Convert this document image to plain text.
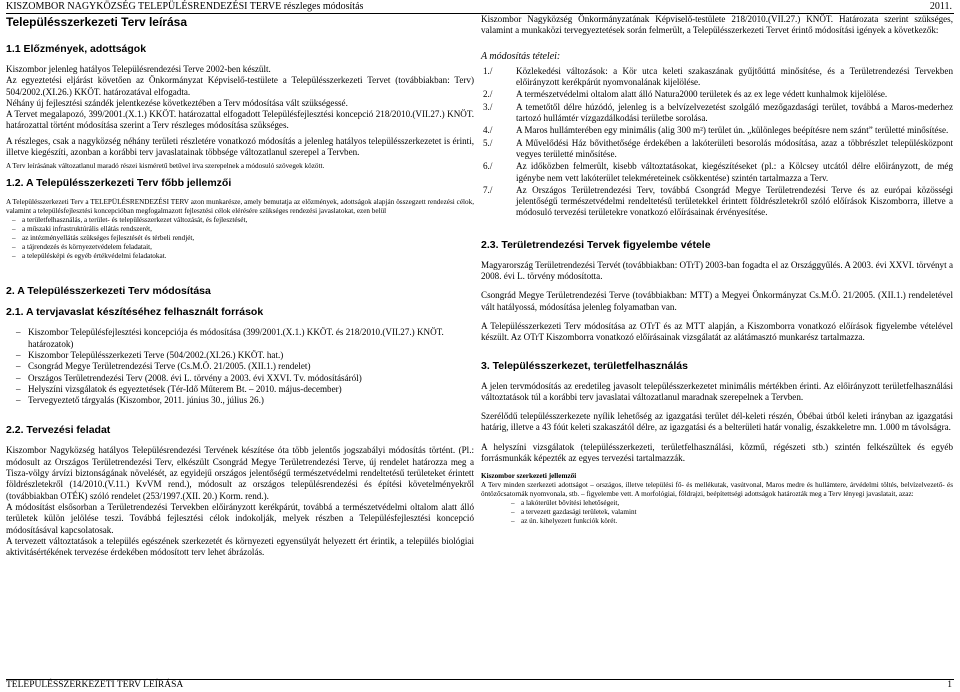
KISZOMBOR NAGYKÖZSÉG TELEPÜLÉSRENDEZÉSI TERVE részleges módosítás	2011.
Településszerkezeti Terv leírása
1.1 Előzmények, adottságok

Kiszombor jelenleg hatályos Településrendezési Terve 2002-ben készült.

Az egyeztetési eljárást követően az Önkormányzat Képviselő-testülete a Településszerkezeti Tervet (továbbiakban: Terv) 504/2002.(XI.26.) KKÖT. határozatával elfogadta.

Néhány új fejlesztési szándék jelentkezése következtében a Terv módosítása vált szükségessé.

A Tervet megalapozó, 399/2001.(X.1.) KKÖT. határozattal elfogadott Településfejlesztési koncepció 218/2010.(VII.27.) KNÖT. határozattal történt módosítása szerint a Terv részleges módosítása szükséges.

A részleges, csak a nagyközség néhány területi részletére vonatkozó módosítás a jelenleg hatályos településszerkezetet is érinti, illetve kiegészíti, azonban a korábbi terv javaslatainak többsége változatlanul szerepel a Tervben.

A Terv leírásának változatlanul maradó részei kisméretű betűvel írva szerepelnek a módosuló szövegek között.

1.2. A Településszerkezeti Terv főbb jellemzői

A Településszerkezeti Terv a TELEPÜLÉSRENDEZÉSI TERV azon munkarésze, amely bemutatja az előzmények, adottságok alapján összegzett rendezési célok, valamint a településfejlesztési koncepcióban megfogalmazott fejlesztési célok elérésére szükséges rendezési javaslatokat, ezen belül

– a területfelhasználás, a terület- és településszerkezet változását, és fejlesztését,
– a műszaki infrastruktúrális ellátás rendszerét,
– az intézményellátás szükséges fejlesztését és térbeli rendjét,
– a tájrendezés és környezetvédelem feladatait,
– a településképi és egyéb értékvédelmi feladatokat.
2. A Településszerkezeti Terv módosítása
2.1. A tervjavaslat készítéséhez felhasznált források
– Kiszombor Településfejlesztési koncepciója és módosítása (399/2001.(X.1.) KKÖT. és 218/2010.(VII.27.) KNÖT. határozatok)
– Kiszombor Településszerkezeti Terve (504/2002.(XI.26.) KKÖT. hat.)
– Csongrád Megye Területrendezési Terve (Cs.M.Ö. 21/2005. (XII.1.) rendelet)
– Országos Területrendezési Terv (2008. évi L. törvény a 2003. évi XXVI. Tv. módosításáról)
– Helyszíni vizsgálatok és egyeztetések (Tér-Idő Műterem Bt. – 2010. május-december)
– Tervegyeztető tárgyalás (Kiszombor, 2011. június 30., július 26.)
2.2. Tervezési feladat

Kiszombor Nagyközség hatályos Településrendezési Tervének készítése óta több jelentős jogszabályi módosítás történt. (Pl.: módosult az Országos Területrendezési Terv, elkészült Csongrád Megye Területrendezési Terve, új rendelet határozza meg a Tisza-völgy árvízi biztonságának növelését, az egyidejű országos jelentőségű természetvédelmi rendeltetésű területeket érintett földrészletekről (14/2010.(V.11.) KvVM rend.), módosult az országos településrendezési és építési követelményekről (továbbiakban OTÉK) szóló rendelet (253/1997.(XII. 20.) Korm. rend.).

A módosítást elsősorban a Területrendezési Tervekben előirányzott kerékpárút, továbbá a természetvédelmi oltalom alatt álló területek külön jelölése teszi. Továbbá fejlesztési célok indokolják, melyek részben a Településfejlesztési koncepció módosításával kapcsolatosak.

A tervezett változtatások a település egészének szerkezetét és környezeti egyensúlyát helyezett ért érintik, a település biológiai aktivitásértékének tervezése érdekében módosított terv lehet ábrázolás.

Kiszombor Nagyközség Önkormányzatának Képviselő-testülete 218/2010.(VII.27.) KNÖT. Határozata szerint szükséges, valamint a munkaközi tervegyeztetések során felmerült, a Településszerkezeti Tervet érintő módosítási igények a következők:

A módosítás tételei:
1./	Közlekedési változások: a Kör utca keleti szakaszának gyűjtőúttá minősítése, és a Területrendezési Tervekben előirányzott kerékpárút nyomvonalának kijelölése.
2./	A természetvédelmi oltalom alatt álló Natura2000 területek és az ex lege védett kunhalmok kijelölése.
3./	A temetőtől délre húzódó, jelenleg is a belvízelvezetést szolgáló mezőgazdasági terület, továbbá a Maros-mederhez tartozó hullámtér vízgazdálkodási területbe sorolása.
4./	A Maros hullámterében egy minimális (alig 300 m²) terület ún. „különleges beépítésre nem szánt” területté minősítése.
5./	A Művelődési Ház bővithetősége érdekében a lakóterületi besorolás módosítása, azaz a többrészlet településközpont vegyes területté minősítése.
6./	Az időközben felmerült, kisebb változtatásokat, kiegészítéseket (pl.: a Kölcsey utcától délre előirányzott, de még igénybe nem vett lakóterület telekméreteinek csökkentése) szintén tartalmazza a Terv.
7./	Az Országos Területrendezési Terv, továbbá Csongrád Megye Területrendezési Terve és az európai közösségi jelentőségű természetvédelmi rendeltetésű területekkel érintett földrészletekről szóló előírások Kiszomborra, illetve a módosuló tervezési területekre vonatkozó előírásainak érvényesítése.
2.3. Területrendezési Tervek figyelembe vétele

Magyarország Területrendezési Tervét (továbbiakban: OTrT) 2003-ban fogadta el az Országgyűlés. A 2003. évi XXVI. törvényt a 2008. évi L. törvény módosította.

Csongrád Megye Területrendezési Terve (továbbiakban: MTT) a Megyei Önkormányzat Cs.M.Ö. 21/2005. (XII.1.) rendeletével vált hatályossá, módosítása jelenleg folyamatban van.

A Településszerkezeti Terv módosítása az OTrT és az MTT alapján, a Kiszomborra vonatkozó előírások figyelembe vételével készült. Az OTrT Kiszomborra vonatkozó előírásainak vizsgálatát az alátámasztó munkarész tartalmazza.

3. Településszerkezet, területfelhasználás

A jelen tervmódosítás az eredetileg javasolt településszerkezetet minimális mértékben érinti. Az előirányzott területfelhasználási változtatások túl a korábbi terv javaslatai változatlanul maradnak szerepelnek a Tervben.

Szerélődű településszerkezete nyílik lehetőség az igazgatási terület dél-keleti részén, Óbébai útból keleti irányban az igazgatási határig, illetve a 43 fóút keleti szakaszától délre, az igazgatási és a belterületi határ vonalig, északkeletre mn. 1.000 m távolságra.

A helyszíni vizsgálatok (településszerkezeti, területfelhasználási, közmű, régészeti stb.) szintén felkészültek és egyéb forrásmunkák képezték az egyes tervezési tartalmazzák.

Kiszombor szerkezeti jellemzői

A Terv minden szerkezeti adottságot – országos, illetve települési fő- és mellékutak, vasútvonal, Maros medre és hullámtere, árvédelmi töltés, belvízelvezető- és öntözőcsatornák nyomvonala, stb. – figyelembe vett. A morfológiai, földrajzi, beépítettségi adottságok határozták meg a Terv lényegi javaslatait, azaz:

– a lakóterület bővítési lehetőségeit,
– a tervezett gazdasági területek, valamint
– az ún. kihelyezett funkciók körét.
TELEPÜLÉSSZERKEZETI TERV LEÍRÁSA	1
